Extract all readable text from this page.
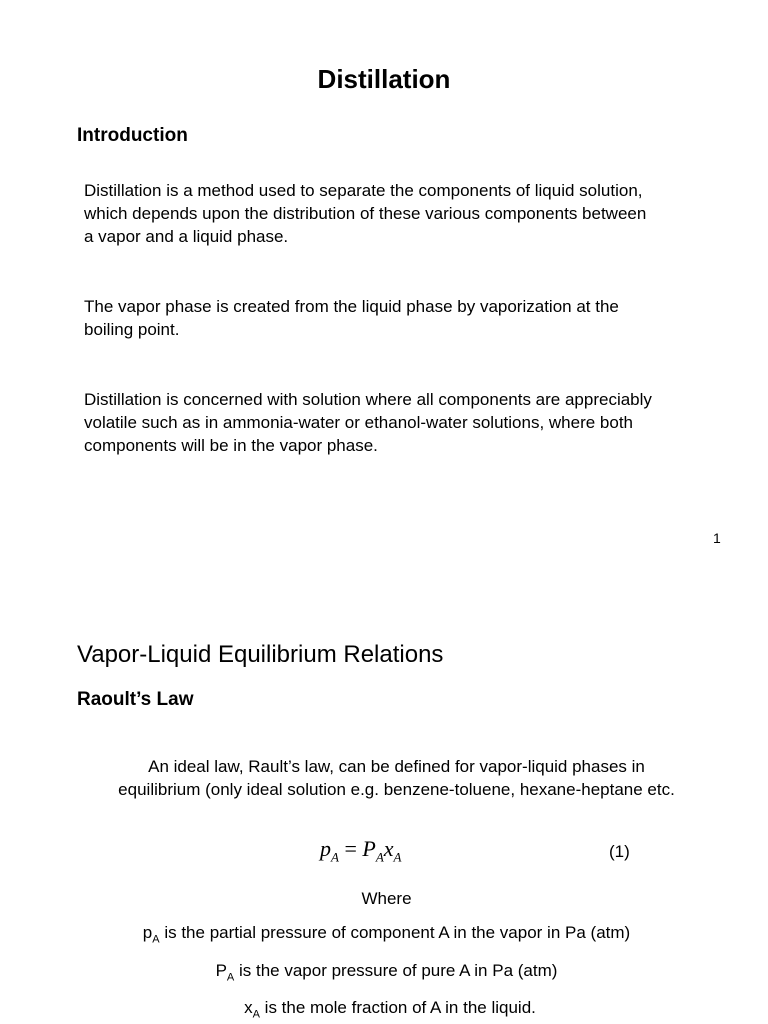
Distillation
Introduction
Distillation is a method used to separate the components of liquid solution,
which depends upon the distribution of these various components between
a vapor and a liquid phase.
The vapor phase is created from the liquid phase by vaporization at the
boiling point.
Distillation is concerned with solution where all components are appreciably
volatile such as in ammonia-water or ethanol-water solutions, where both
components will be in the vapor phase.
1
Vapor-Liquid Equilibrium Relations
Raoult’s Law
An ideal law, Rault’s law, can be defined for vapor-liquid phases in
equilibrium (only ideal solution e.g. benzene-toluene, hexane-heptane etc.
$p_A = P_Ax_A$	(1)
Where
$p_A$ is the partial pressure of component A in the vapor in Pa (atm)
$P_A$ is the vapor pressure of pure A in Pa (atm)
$x_A$ is the mole fraction of A in the liquid.
